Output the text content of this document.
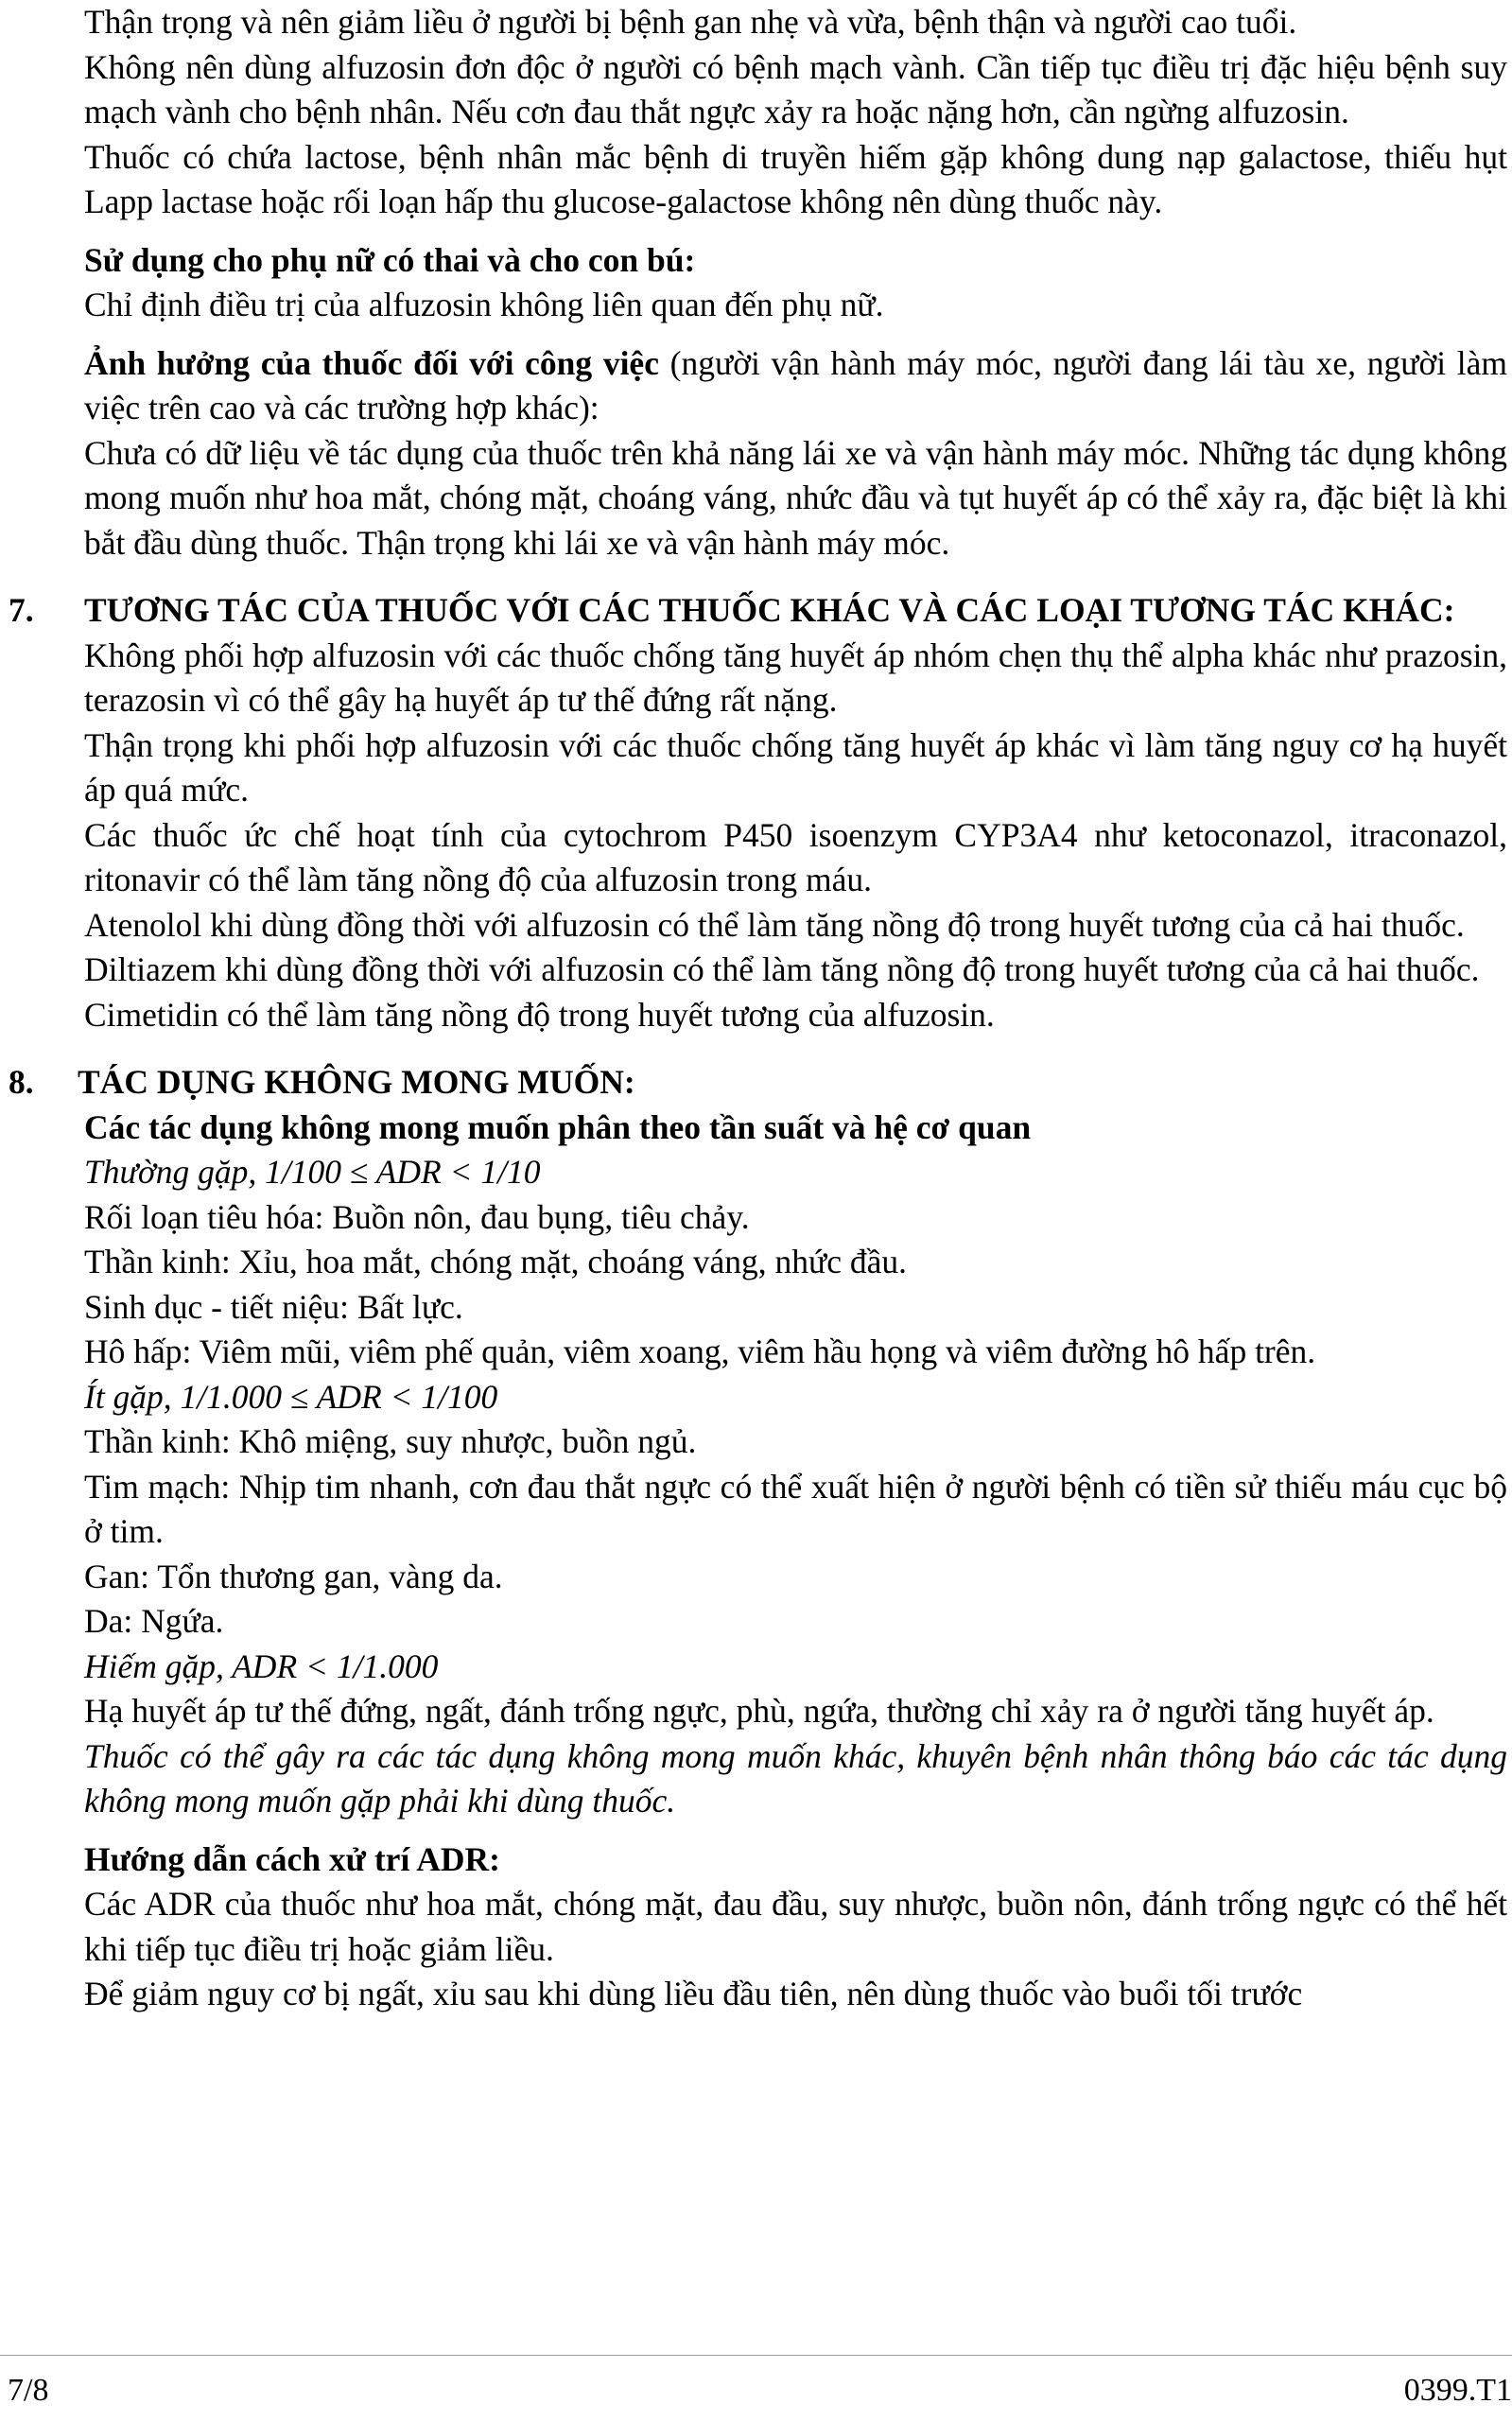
Thận trọng và nên giảm liều ở người bị bệnh gan nhẹ và vừa, bệnh thận và người cao tuổi.

Không nên dùng alfuzosin đơn độc ở người có bệnh mạch vành. Cần tiếp tục điều trị đặc hiệu bệnh suy mạch vành cho bệnh nhân. Nếu cơn đau thắt ngực xảy ra hoặc nặng hơn, cần ngừng alfuzosin.

Thuốc có chứa lactose, bệnh nhân mắc bệnh di truyền hiếm gặp không dung nạp galactose, thiếu hụt Lapp lactase hoặc rối loạn hấp thu glucose-galactose không nên dùng thuốc này.

Sử dụng cho phụ nữ có thai và cho con bú:

Chỉ định điều trị của alfuzosin không liên quan đến phụ nữ.

Ảnh hưởng của thuốc đối với công việc (người vận hành máy móc, người đang lái tàu xe, người làm việc trên cao và các trường hợp khác):

Chưa có dữ liệu về tác dụng của thuốc trên khả năng lái xe và vận hành máy móc. Những tác dụng không mong muốn như hoa mắt, chóng mặt, choáng váng, nhức đầu và tụt huyết áp có thể xảy ra, đặc biệt là khi bắt đầu dùng thuốc. Thận trọng khi lái xe và vận hành máy móc.

7. TƯƠNG TÁC CỦA THUỐC VỚI CÁC THUỐC KHÁC VÀ CÁC LOẠI TƯƠNG TÁC KHÁC:

Không phối hợp alfuzosin với các thuốc chống tăng huyết áp nhóm chẹn thụ thể alpha khác như prazosin, terazosin vì có thể gây hạ huyết áp tư thế đứng rất nặng.

Thận trọng khi phối hợp alfuzosin với các thuốc chống tăng huyết áp khác vì làm tăng nguy cơ hạ huyết áp quá mức.

Các thuốc ức chế hoạt tính của cytochrom P450 isoenzym CYP3A4 như ketoconazol, itraconazol, ritonavir có thể làm tăng nồng độ của alfuzosin trong máu.

Atenolol khi dùng đồng thời với alfuzosin có thể làm tăng nồng độ trong huyết tương của cả hai thuốc.

Diltiazem khi dùng đồng thời với alfuzosin có thể làm tăng nồng độ trong huyết tương của cả hai thuốc.

Cimetidin có thể làm tăng nồng độ trong huyết tương của alfuzosin.

8. TÁC DỤNG KHÔNG MONG MUỐN:

Các tác dụng không mong muốn phân theo tần suất và hệ cơ quan

Thường gặp, 1/100 ≤ ADR < 1/10

Rối loạn tiêu hóa: Buồn nôn, đau bụng, tiêu chảy.

Thần kinh: Xỉu, hoa mắt, chóng mặt, choáng váng, nhức đầu.

Sinh dục - tiết niệu: Bất lực.

Hô hấp: Viêm mũi, viêm phế quản, viêm xoang, viêm hầu họng và viêm đường hô hấp trên.

Ít gặp, 1/1.000 ≤ ADR < 1/100

Thần kinh: Khô miệng, suy nhược, buồn ngủ.

Tim mạch: Nhịp tim nhanh, cơn đau thắt ngực có thể xuất hiện ở người bệnh có tiền sử thiếu máu cục bộ ở tim.

Gan: Tổn thương gan, vàng da.

Da: Ngứa.

Hiếm gặp, ADR < 1/1.000

Hạ huyết áp tư thế đứng, ngất, đánh trống ngực, phù, ngứa, thường chỉ xảy ra ở người tăng huyết áp.

Thuốc có thể gây ra các tác dụng không mong muốn khác, khuyên bệnh nhân thông báo các tác dụng không mong muốn gặp phải khi dùng thuốc.

Hướng dẫn cách xử trí ADR:

Các ADR của thuốc như hoa mắt, chóng mặt, đau đầu, suy nhược, buồn nôn, đánh trống ngực có thể hết khi tiếp tục điều trị hoặc giảm liều.

Để giảm nguy cơ bị ngất, xỉu sau khi dùng liều đầu tiên, nên dùng thuốc vào buổi tối trước

7/8	0399.T1
